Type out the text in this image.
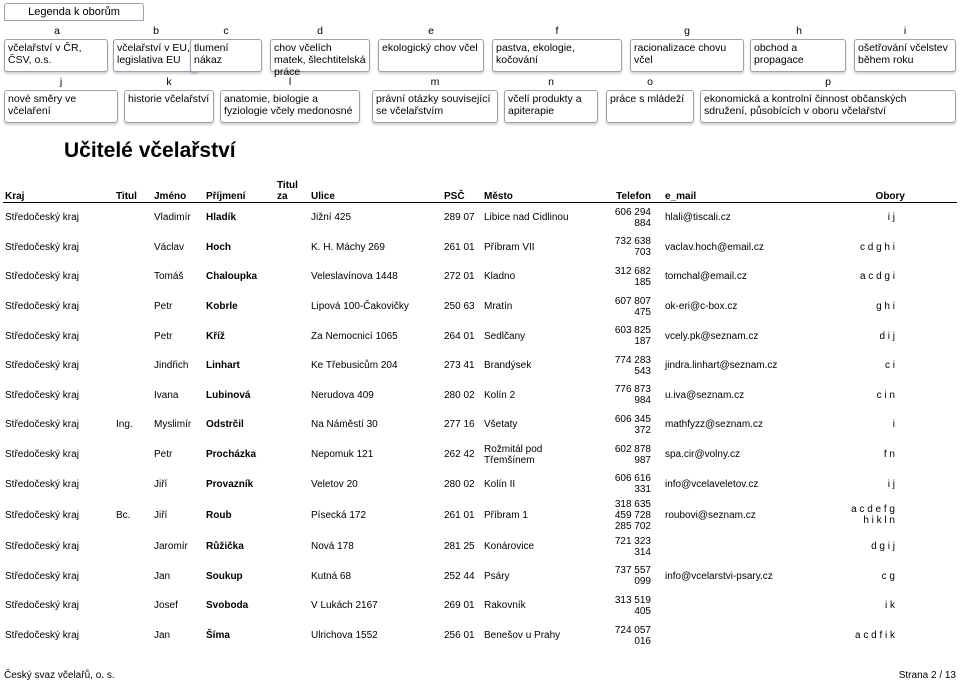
Legenda k oborům
a
včelařství v ČR, ČSV, o.s.
b
včelařství v EU, legislativa EU
c
tlumení nákaz
d
chov včelích matek, šlechtitelská práce
e
ekologický chov včel
f
pastva, ekologie, kočování
g
racionalizace chovu včel
h
obchod a propagace
i
ošetřování včelstev během roku
j
nové směry ve včelaření
k
historie včelařství
l
anatomie, biologie a fyziologie včely medonosné
m
právní otázky související se včelařstvím
n
včelí produkty a apiterapie
o
práce s mládeží
p
ekonomická a kontrolní činnost občanských sdružení, působících v oboru včelařství
Učitelé včelařství
Kraj	Titul	Jméno	Příjmení	Titul za	Ulice	PSČ	Město	Telefon	e_mail	Obory
Středočeský kraj		Vladimír	Hladík		Jižní 425	289 07	Libice nad Cidlinou	606 294 884	hlali@tiscali.cz	i j
Středočeský kraj		Václav	Hoch		K. H. Máchy 269	261 01	Příbram VII	732 638 703	vaclav.hoch@email.cz	c d g h i
Středočeský kraj		Tomáš	Chaloupka		Veleslavínova 1448	272 01	Kladno	312 682 185	tomchal@email.cz	a c d g i
Středočeský kraj		Petr	Kobrle		Lipová 100-Čakovičky	250 63	Mratín	607 807 475	ok-eri@c-box.cz	g h i
Středočeský kraj		Petr	Kříž		Za Nemocnicí 1065	264 01	Sedlčany	603 825 187	vcely.pk@seznam.cz	d i j
Středočeský kraj		Jindřich	Linhart		Ke Třebusicům 204	273 41	Brandýsek	774 283 543	jindra.linhart@seznam.cz	c i
Středočeský kraj		Ivana	Lubinová		Nerudova 409	280 02	Kolín 2	776 873 984	u.iva@seznam.cz	c i n
Středočeský kraj	Ing.	Myslimír	Odstrčil		Na Náměstí 30	277 16	Všetaty	606 345 372	mathfyzz@seznam.cz	i
Středočeský kraj		Petr	Procházka		Nepomuk 121	262 42	Rožmitál pod Třemšínem	602 878 987	spa.cir@volny.cz	f n
Středočeský kraj		Jiří	Provazník		Veletov 20	280 02	Kolín II	606 616 331	info@vcelaveletov.cz	i j
Středočeský kraj	Bc.	Jiří	Roub		Písecká 172	261 01	Příbram 1	318 635 459 728 285 702	roubovi@seznam.cz	a c d e f g h i k l n
Středočeský kraj		Jaromír	Růžička		Nová 178	281 25	Konárovice	721 323 314		d g i j
Středočeský kraj		Jan	Soukup		Kutná 68	252 44	Psáry	737 557 099	info@vcelarstvi-psary.cz	c g
Středočeský kraj		Josef	Svoboda		V Lukách 2167	269 01	Rakovník	313 519 405		i k
Středočeský kraj		Jan	Šíma		Ulrichova 1552	256 01	Benešov u Prahy	724 057 016		a c d f i k
Český svaz včelařů, o. s.	Strana 2 / 13
